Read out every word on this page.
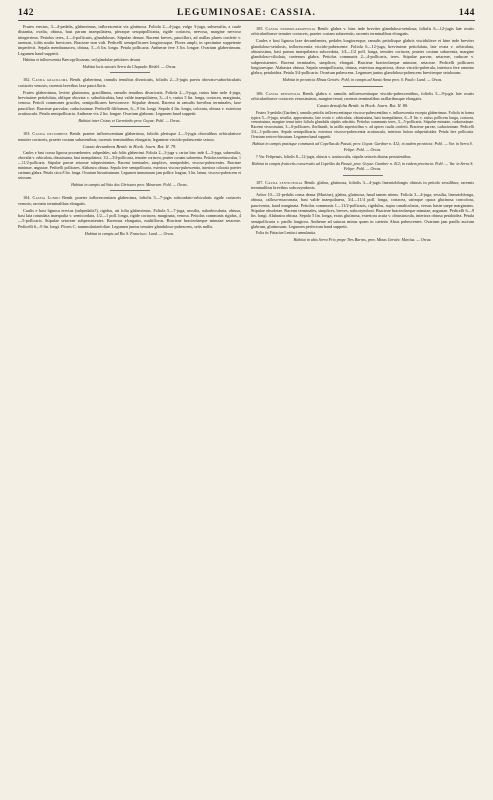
142	LEGUMINOSAE: CASSIA.	144

Frutex erectus, 3—4-pedalis, glaberrimus, inflorescentia vix glutinosa. Foliola 2—4-juga, vulgo 3-juga, subsessilia, a caule distantia, ovalia, obtusa, basi parum inaequilatera, pleraque sesquipollicaria, rigide coriacea, nervosa, margine nervoso integerrimo. Petiolus teres, 2—4-pollicaris, glandulosus. Stipulae desunt. Racemi breves, pauciflori, ad axillas plures conferti v. raemosi, foliis multo breviores. Bracteae non vidi. Pedicelli semipollicares longiorosque. Flores ampli, in speciminе suppetente imperfecti. Sepala membranacea, obtusa, 5—6 lin. longa. Petala pollicaria. Antherae fere 3 lin. longae. Ovarium glaberrimum. Legumen haud suppetit.

Habitus et inflorescentia Baecopyllocarum, sed glandulae petiolares desunt.

Habitat locis saxosis Serra da Chapada: Riedel. — Orcas.

102. Cassia gracillima Benth. glaberrima, ramulis tenuibus divaricatis, foliolis 2—3-jugis parvis obovato-suborbiculatis coriaceis venosis; racemis brevibus laxe paucifloris.

Frutex glaberrimus, leviter glutinosus, gracillimus, ramulis tenuibus divaricatis. Foliola 2—3-juga, rarius bine inde 4-juga, brevissime petiolulata, oblique obovata v. suborbiculata, basi valde inaequilatera, 3—4 v. rarius 5 lin. longa, coriacea, marginata, venosa. Petioli communes graciles, semipollicares breviorosve. Stipulae desunt. Racemi in ramulis brevibus terminales, laxe pauciflori. Bracteae parvulae, caducissimae. Pedicelli filiformes, 6—9 lin. longi. Sepala 4 lin. longa, colorata, obtusa v. exteriora acutiuscula. Petala semipollicaria. Antherae vix 2 lin. longae. Ovarium glabrum. Legumen haud suppetit.

Habitat inter Crixas et Carretinho prov. Goyaz: Pohl. — Orcas.

103. Cassia decumbens Benth. praeter inflorescentiam glaberrima, foliolis plerisque 2—3-jugis obovalibus orbiculatisve tenuiter coriaceis, praeter costam subavenibus; racemis terminalibus elongatis; legumine viscido-pubescente setoso.

Cassia decumbens Benth. in Hook. Journ. Bot. II. 79.

Caules e basi crassa lignosa procumbentes, subpedales, sub foliis glaberrimi. Foliola 2—3-juga v. rarius hinc inde 4—5-juga, subsessilia, obovalia v. orbiculata, obtusissima, basi inaequilatera, 1/2—3/4-pollicaria, tenuiter coriacea, praeter costam subavenia. Petiolus teretiusculus, 1—11/2-pollicaris. Stipulae parvae setaceae subpersistentes. Racemi terminales, simplices, semipedales, viscoso-pubescentes. Bracteae minimae, angustae. Pedicelli pollicares. Alabastra obtusa. Sepala fere semipollicaria, exteriora viscoso-pubescentia, interiora colorata praeter carinam glabra. Petala circa 8 lin. longa. Ovarium hirsutissimum. Legumen immaturum jam pollice longius, 3 lin. latum, viscoso-pubescens et setosum.

Habitat in campis ad Sitio dos Christaes prov. Minarum: Pohl. — Orcas.

104. Cassia Lundii Benth. praeter inflorescentiam glaberrima, foliolis 5—7-jugis subcordato-orbiculatis rigide coriaceis venosis; racemis terminalibus elongatis.

Caulis e basi lignosa erectus (subpedalis?), rigidus, uti folia glaberrimus. Foliola 5—7-juga, sessilia, suborbicularia, obtusa, basi lata rotundata inaequalia v. semicordata, 1/2—1 poll. longa, rigide coriacea, marginata, venosa. Petiolus communis rigidus, 4—5-pollicaris. Stipulae setaceae subpersistentes. Racemus elongatus, multiflorus. Bracteae bracteolaeque minutae setaceae. Pedicelli 6—9 lin. longi. Flores C. nummulariaefoliae. Legumen junius tenuiter glanduloso-pubescens, setis nullis.

Habitat in campis ad Rio S. Francisco: Lund. — Orcas.

105. Cassia nummulariaefolia Benth. glabra v. hinc inde breviter glanduloso-setulosa; foliolis 6—12-jugis late ovatis orbicularibusve tenuiter coriaceis, praeter costam subaveniis; racemis terminalibus elongatis.

Caules e basi lignosa laxe decumbentes, pedales longioresque, ramulis petiolisque glabris viscidulisve et hine inde breviter glanduloso-setulosis, inflorescentia viscido-pubescente. Foliola 6—12-juga, brevissime petiolulata, late ovata v. orbiculata, obtusissima, basi parum inaequilatera subcordata, 1/4—1/2 poll. longa, tenuiter coriacea, praeter costam subavenia, margine glanduloso-ciliolata, caeterum glabra. Petiolus communis 2—4-pollicaris, teres. Stipulae parvae, setaceae, caducae v. subpersistentes. Racemi terminales, simplices, elongati. Bracteae bracteolaeque minutae, setaceae. Pedicelli pollicares longioresque. Alabastra obtusa. Sepala semipollicaria, obtusa, exteriora angustiora, dorso viscido-puberula, interiora fere omnino glabra, petaloidea. Petala 3/4-pollicaria. Ovarium pubescens. Legumen junius glanduloso-pubescens breviterque setulosum.

Habitat in provincia Minas Geraës: Pohl; in campis ad Santa Anna prov. S. Paulo: Lund. — Orcas.

106. Cassia densifolia Benth. glabra v. ramulis inflorescentiaque viscido-pubescentibus, foliolis 5—9-jugis late ovatis orbicularibusve coriaceis venosissimis, margine tenui; racemis terminalibus axillaribusque elongatis.

Cassia densifolia Benth. in Hook. Journ. Bot. II. 80.

Frutex 3-pedalis (Gardner), ramulis petiolis inflorescentiaque viscoso-pubescentibus v. inflorescentia excepta glaberrimus. Foliola in forma typica 5—9-juga, sessilia, approximata, late ovata v. orbiculata, obtusissima, basi inaequilatera, 6—9 lin. v. rarius pollicem longa, coriacea, venosissima, margine tenui inter foliola glandulis stipitis adscitiis. Petiolus communis teres, 3—5-pollicaris. Stipulae minutae, caducissimae. Racemi viscosissimi, 3—6-pollicares, floribundi, in axillis superioribus v. ad apices caulis conferti. Bracteae parvae, caducissimae. Pedicelli 3/4—1-pollicares. Sepala semipollicaria, exteriora viscoso-pubescentia acutiuscula, interiora latiora subpetaloidea. Petala fere pollicaria. Ovarium sericeo-hirsutum. Legumen haud suppetit.

Habitat in campis pratisque communis ad Copellas da Passaï, prov. Goyaz: Gardner n. 412; in eadem provincia: Pohl. — Var. in Serra S. Felipe: Pohl. — Orcas.

† Var. Felipensis, foliolis 8—12-jugis, obtusis v. acutiusculis, stipulis setaceis diutius persistentibus.

Habitat in campis fruticetis conservatis ad Copellas da Passaï, prov. Goyaz: Gardner n. 412; in eadem provincia: Pohl. — Var. in Serra S. Felipe: Pohl. — Orcas.

107. Cassia lenticifolia Benth. glabra, glutinosa, foliolis 3—4-jugis linearioblongis obtusis in petiolo sessilibus; racemis terminalibus brevibus subcorymbosis.

Arbor 10—12-pedalis coma densa (Martius), glabra, glutinosa, haud tamen nitens. Foliola 3—4-juga, sessilia, linearioblonga, obtusa, calloso-mucronata, basi valde inaequilatera, 3/4—11/4 poll. longa, coriacea, utrinque opaca glutinosa concolora, paucivenia, haud marginata. Petiolus communis 1—11/2-pollicaris, rigidulus, supra canaliculatus, versus basin saepe marginatus. Stipulae obsoletae. Racemi terminales, simplices, breves, subcorymbosi. Bracteae bracteolaeque minutae, angustae. Pedicelli 6—9 lin. longi. Alabastra obtusa. Sepala 5 lin. longa, extus glutinosa, exteriora acuta v. obtusiuscula, interiora obtusa petaloidea. Petala semipollicaria v. paullo longiora. Antherae ad suturas minus quam in caeteris Absis pubescentes. Ovarium jam paullo auctum glabrum, glutinosum. Legumen perfectum haud suppetit.

Folia iis Pistaciae Lentisci aemulantia.

Habitat in altis Serra Frio prope Tres Barras, prov. Minas Geraës: Martius. — Orcas.
